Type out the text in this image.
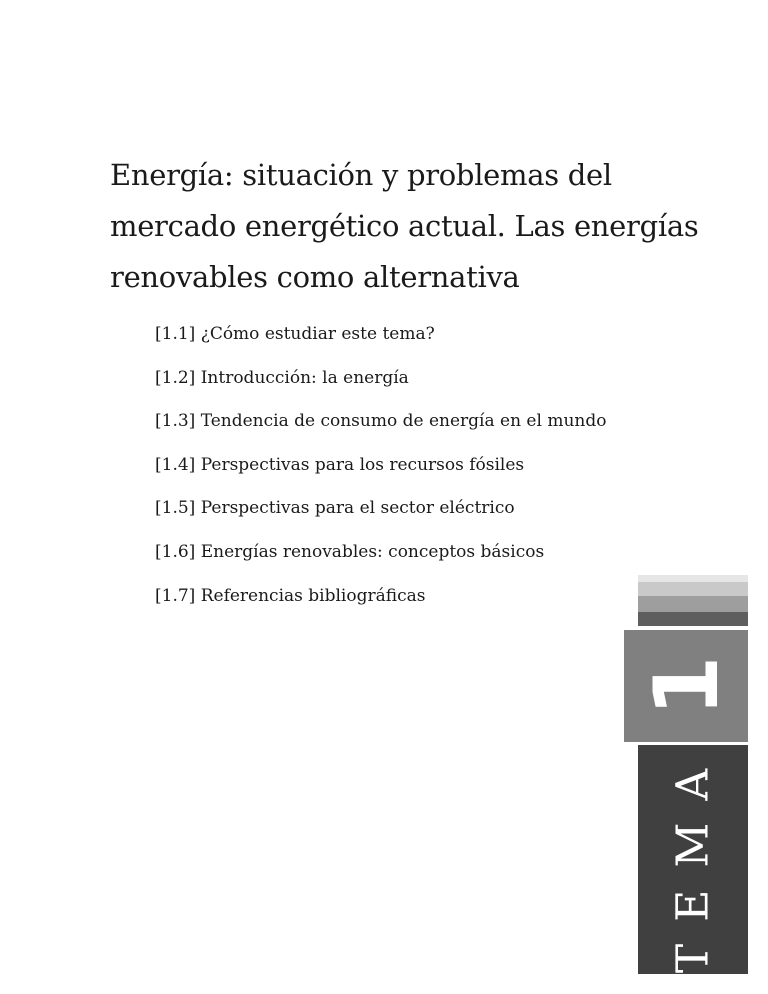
Energía: situación y problemas del mercado energético actual. Las energías renovables como alternativa
[1.1] ¿Cómo estudiar este tema?
[1.2] Introducción: la energía
[1.3] Tendencia de consumo de energía en el mundo
[1.4] Perspectivas para los recursos fósiles
[1.5] Perspectivas para el sector eléctrico
[1.6] Energías renovables: conceptos básicos
[1.7] Referencias bibliográficas
1
TEMA
